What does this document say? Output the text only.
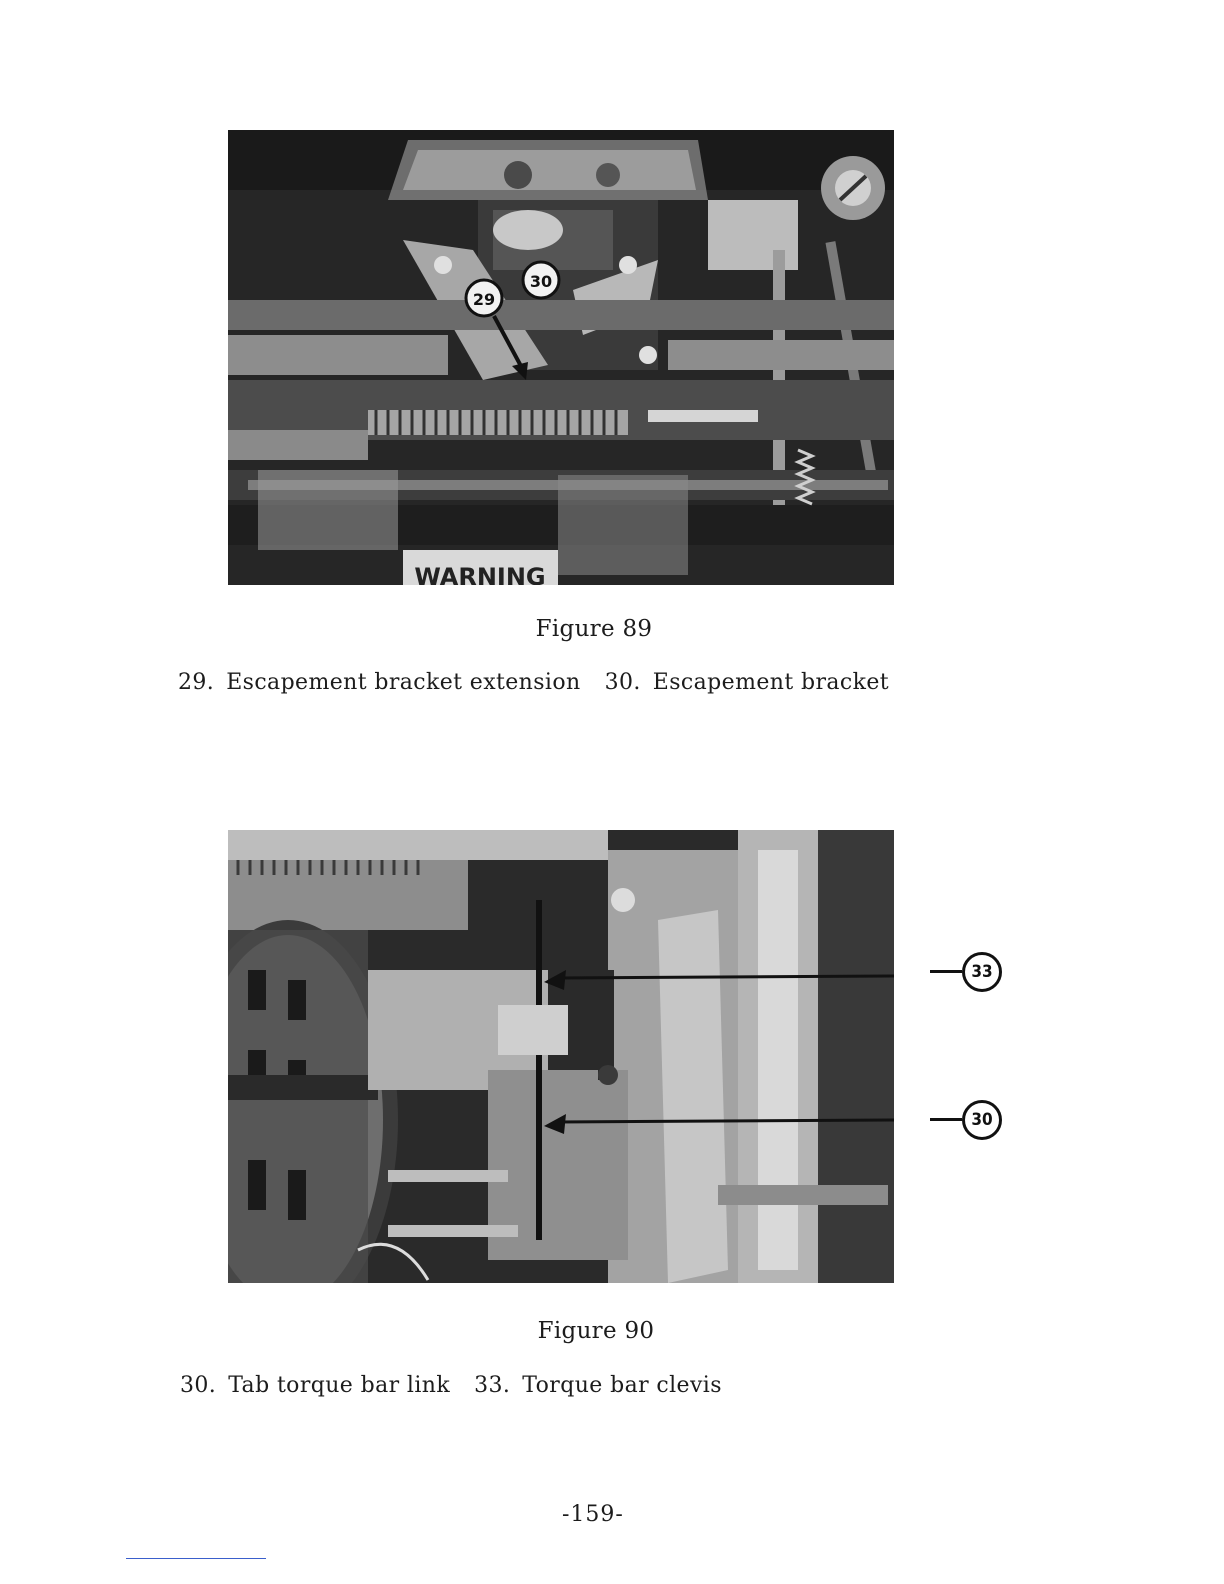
WARNING
29
30
Figure 89
29. Escapement bracket extension 30. Escapement bracket
33
30
Figure 90
30. Tab torque bar link 33. Torque bar clevis
-159-
